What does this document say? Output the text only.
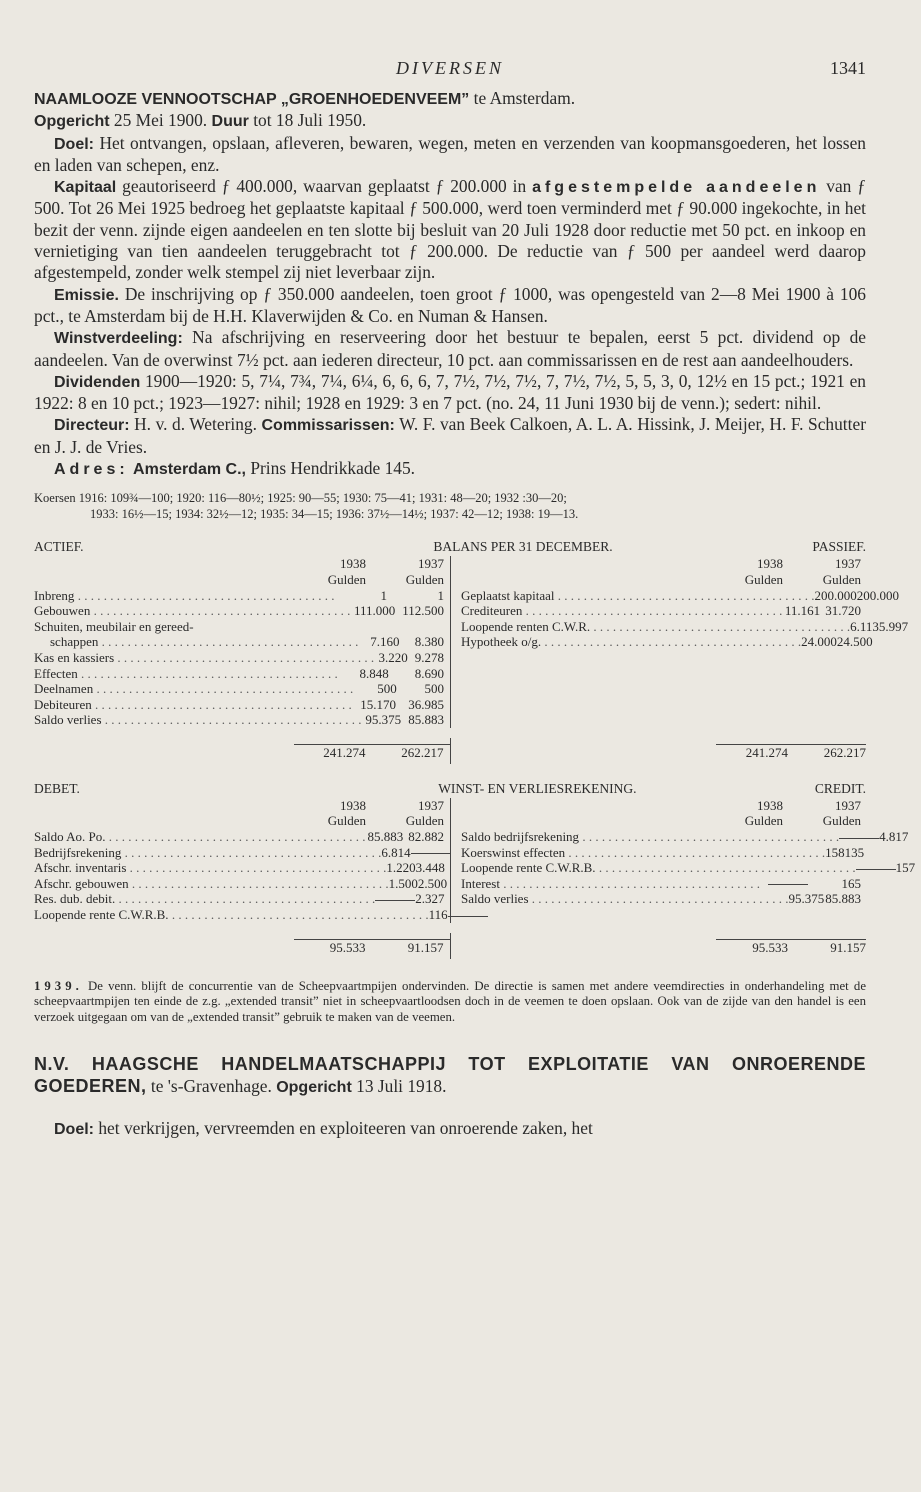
DIVERSEN	1341

NAAMLOOZE VENNOOTSCHAP „GROENHOEDENVEEM” te Amsterdam.

Opgericht 25 Mei 1900. Duur tot 18 Juli 1950.

Doel: Het ontvangen, opslaan, afleveren, bewaren, wegen, meten en verzenden van koopmansgoederen, het lossen en laden van schepen, enz.

Kapitaal geautoriseerd ƒ 400.000, waarvan geplaatst ƒ 200.000 in afgestempelde aandeelen van ƒ 500. Tot 26 Mei 1925 bedroeg het geplaatste kapitaal ƒ 500.000, werd toen verminderd met ƒ 90.000 ingekochte, in het bezit der venn. zijnde eigen aandeelen en ten slotte bij besluit van 20 Juli 1928 door reductie met 50 pct. en inkoop en vernietiging van tien aandeelen teruggebracht tot ƒ 200.000. De reductie van ƒ 500 per aandeel werd daarop afgestempeld, zonder welk stempel zij niet leverbaar zijn.

Emissie. De inschrijving op ƒ 350.000 aandeelen, toen groot ƒ 1000, was opengesteld van 2—8 Mei 1900 à 106 pct., te Amsterdam bij de H.H. Klaverwijden & Co. en Numan & Hansen.

Winstverdeeling: Na afschrijving en reserveering door het bestuur te bepalen, eerst 5 pct. dividend op de aandeelen. Van de overwinst 7½ pct. aan iederen directeur, 10 pct. aan commissarissen en de rest aan aandeelhouders.

Dividenden 1900—1920: 5, 7¼, 7¾, 7¼, 6¼, 6, 6, 6, 7, 7½, 7½, 7½, 7, 7½, 7½, 5, 5, 3, 0, 12½ en 15 pct.; 1921 en 1922: 8 en 10 pct.; 1923—1927: nihil; 1928 en 1929: 3 en 7 pct. (no. 24, 11 Juni 1930 bij de venn.); sedert: nihil.

Directeur: H. v. d. Wetering. Commissarissen: W. F. van Beek Calkoen, A. L. A. Hissink, J. Meijer, H. F. Schutter en J. J. de Vries.

Adres: Amsterdam C., Prins Hendrikkade 145.

Koersen 1916: 109¾—100; 1920: 116—80½; 1925: 90—55; 1930: 75—41; 1931: 48—20; 1932 :30—20;
1933: 16½—15; 1934: 32½—12; 1935: 34—15; 1936: 37½—14½; 1937: 42—12; 1938: 19—13.
ACTIEF.	BALANS PER 31 DECEMBER.	PASSIEF.
1938	1937
Gulden	Gulden
Inbreng . . . . . . . . . . . . . . . . . . . . . . . . . . . . . . . . . . . . . . . .	1	1
Gebouwen . . . . . . . . . . . . . . . . . . . . . . . . . . . . . . . . . . . . . . . . 111.000 112.500
Schuiten, meubilair en gereed-
schappen . . . . . . . . . . . . . . . . . . . . . . . . . . . . . . . . . . . . . . . . 7.160	8.380
Kas en kassiers . . . . . . . . . . . . . . . . . . . . . . . . . . . . . . . . . . . . . . . . 3.220 9.278
Effecten . . . . . . . . . . . . . . . . . . . . . . . . . . . . . . . . . . . . . . . .	8.848	8.690
Deelnamen . . . . . . . . . . . . . . . . . . . . . . . . . . . . . . . . . . . . . . . .	500	500
Debiteuren . . . . . . . . . . . . . . . . . . . . . . . . . . . . . . . . . . . . . . . . 15.170 36.985
Saldo verlies . . . . . . . . . . . . . . . . . . . . . . . . . . . . . . . . . . . . . . . . 95.375 85.883
1938	1937
Gulden	Gulden
Geplaatst kapitaal . . . . . . . . . . . . . . . . . . . . . . . . . . . . . . . . . . . . . . . . 200.000 200.000
Crediteuren . . . . . . . . . . . . . . . . . . . . . . . . . . . . . . . . . . . . . . . . 11.161 31.720
Loopende renten C.W.R. . . . . . . . . . . . . . . . . . . . . . . . . . . . . . . . . . . . . . . . . 6.113 5.997
Hypotheek o/g. . . . . . . . . . . . . . . . . . . . . . . . . . . . . . . . . . . . . . . . . 24.000 24.500
241.274	262.217	241.274	262.217
DEBET.	WINST- EN VERLIESREKENING.	CREDIT.
1938	1937
Gulden	Gulden
Saldo Ao. Po. . . . . . . . . . . . . . . . . . . . . . . . . . . . . . . . . . . . . . . . . 85.883 82.882
Bedrijfsrekening . . . . . . . . . . . . . . . . . . . . . . . . . . . . . . . . . . . . . . . . 6.814
Afschr. inventaris . . . . . . . . . . . . . . . . . . . . . . . . . . . . . . . . . . . . . . . . 1.220 3.448
Afschr. gebouwen . . . . . . . . . . . . . . . . . . . . . . . . . . . . . . . . . . . . . . . . 1.500 2.500
Res. dub. debit. . . . . . . . . . . . . . . . . . . . . . . . . . . . . . . . . . . . . . . . .	2.327
Loopende rente C.W.R.B. . . . . . . . . . . . . . . . . . . . . . . . . . . . . . . . . . . . . . . . . 116
1938	1937
Gulden	Gulden
Saldo bedrijfsrekening . . . . . . . . . . . . . . . . . . . . . . . . . . . . . . . . . . . . . . . .	4.817
Koerswinst effecten . . . . . . . . . . . . . . . . . . . . . . . . . . . . . . . . . . . . . . . . 158 135
Loopende rente C.W.R.B. . . . . . . . . . . . . . . . . . . . . . . . . . . . . . . . . . . . . . . . .	157
Interest . . . . . . . . . . . . . . . . . . . . . . . . . . . . . . . . . . . . . . . .	165
Saldo verlies . . . . . . . . . . . . . . . . . . . . . . . . . . . . . . . . . . . . . . . . 95.375 85.883
95.533	91.157	95.533	91.157
1939. De venn. blijft de concurrentie van de Scheepvaartmpijen ondervinden. De directie is samen met andere veemdirecties in onderhandeling met de scheepvaartmpijen ten einde de z.g. „extended transit” niet in scheepvaartloodsen doch in de veemen te doen opslaan. Ook van de zijde van den handel is een verzoek uitgegaan om van de „extended transit” gebruik te maken van de veemen.

N.V. HAAGSCHE HANDELMAATSCHAPPIJ TOT EXPLOITATIE VAN ONROERENDE GOEDEREN, te 's-Gravenhage. Opgericht 13 Juli 1918.

Doel: het verkrijgen, vervreemden en exploiteeren van onroerende zaken, het
